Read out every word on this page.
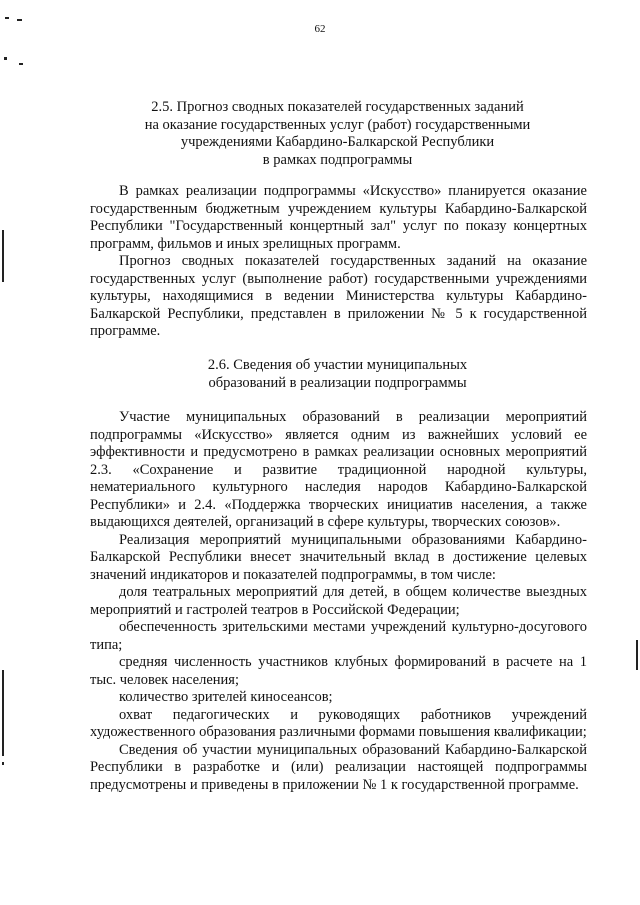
62
2.5. Прогноз сводных показателей государственных заданий
на оказание государственных услуг (работ) государственными
учреждениями Кабардино-Балкарской Республики
в рамках подпрограммы

В рамках реализации подпрограммы «Искусство» планируется оказание государственным бюджетным учреждением культуры Кабардино-Балкарской Республики "Государственный концертный зал" услуг по показу концертных программ, фильмов и иных зрелищных программ.

Прогноз сводных показателей государственных заданий на оказание государственных услуг (выполнение работ) государственными учреждениями культуры, находящимися в ведении Министерства культуры Кабардино-Балкарской Республики, представлен в приложении № 5 к государственной программе.

2.6. Сведения об участии муниципальных
образований в реализации подпрограммы

Участие муниципальных образований в реализации мероприятий подпрограммы «Искусство» является одним из важнейших условий ее эффективности и предусмотрено в рамках реализации основных мероприятий 2.3. «Сохранение и развитие традиционной народной культуры, нематериального культурного наследия народов Кабардино-Балкарской Республики» и 2.4. «Поддержка творческих инициатив населения, а также выдающихся деятелей, организаций в сфере культуры, творческих союзов».

Реализация мероприятий муниципальными образованиями Кабардино-Балкарской Республики внесет значительный вклад в достижение целевых значений индикаторов и показателей подпрограммы, в том числе:

доля театральных мероприятий для детей, в общем количестве выездных мероприятий и гастролей театров в Российской Федерации;

обеспеченность зрительскими местами учреждений культурно-досугового типа;

средняя численность участников клубных формирований в расчете на 1 тыс. человек населения;

количество зрителей киносеансов;

охват педагогических и руководящих работников учреждений художественного образования различными формами повышения квалификации;

Сведения об участии муниципальных образований Кабардино-Балкарской Республики в разработке и (или) реализации настоящей подпрограммы предусмотрены и приведены в приложении № 1 к государственной программе.
